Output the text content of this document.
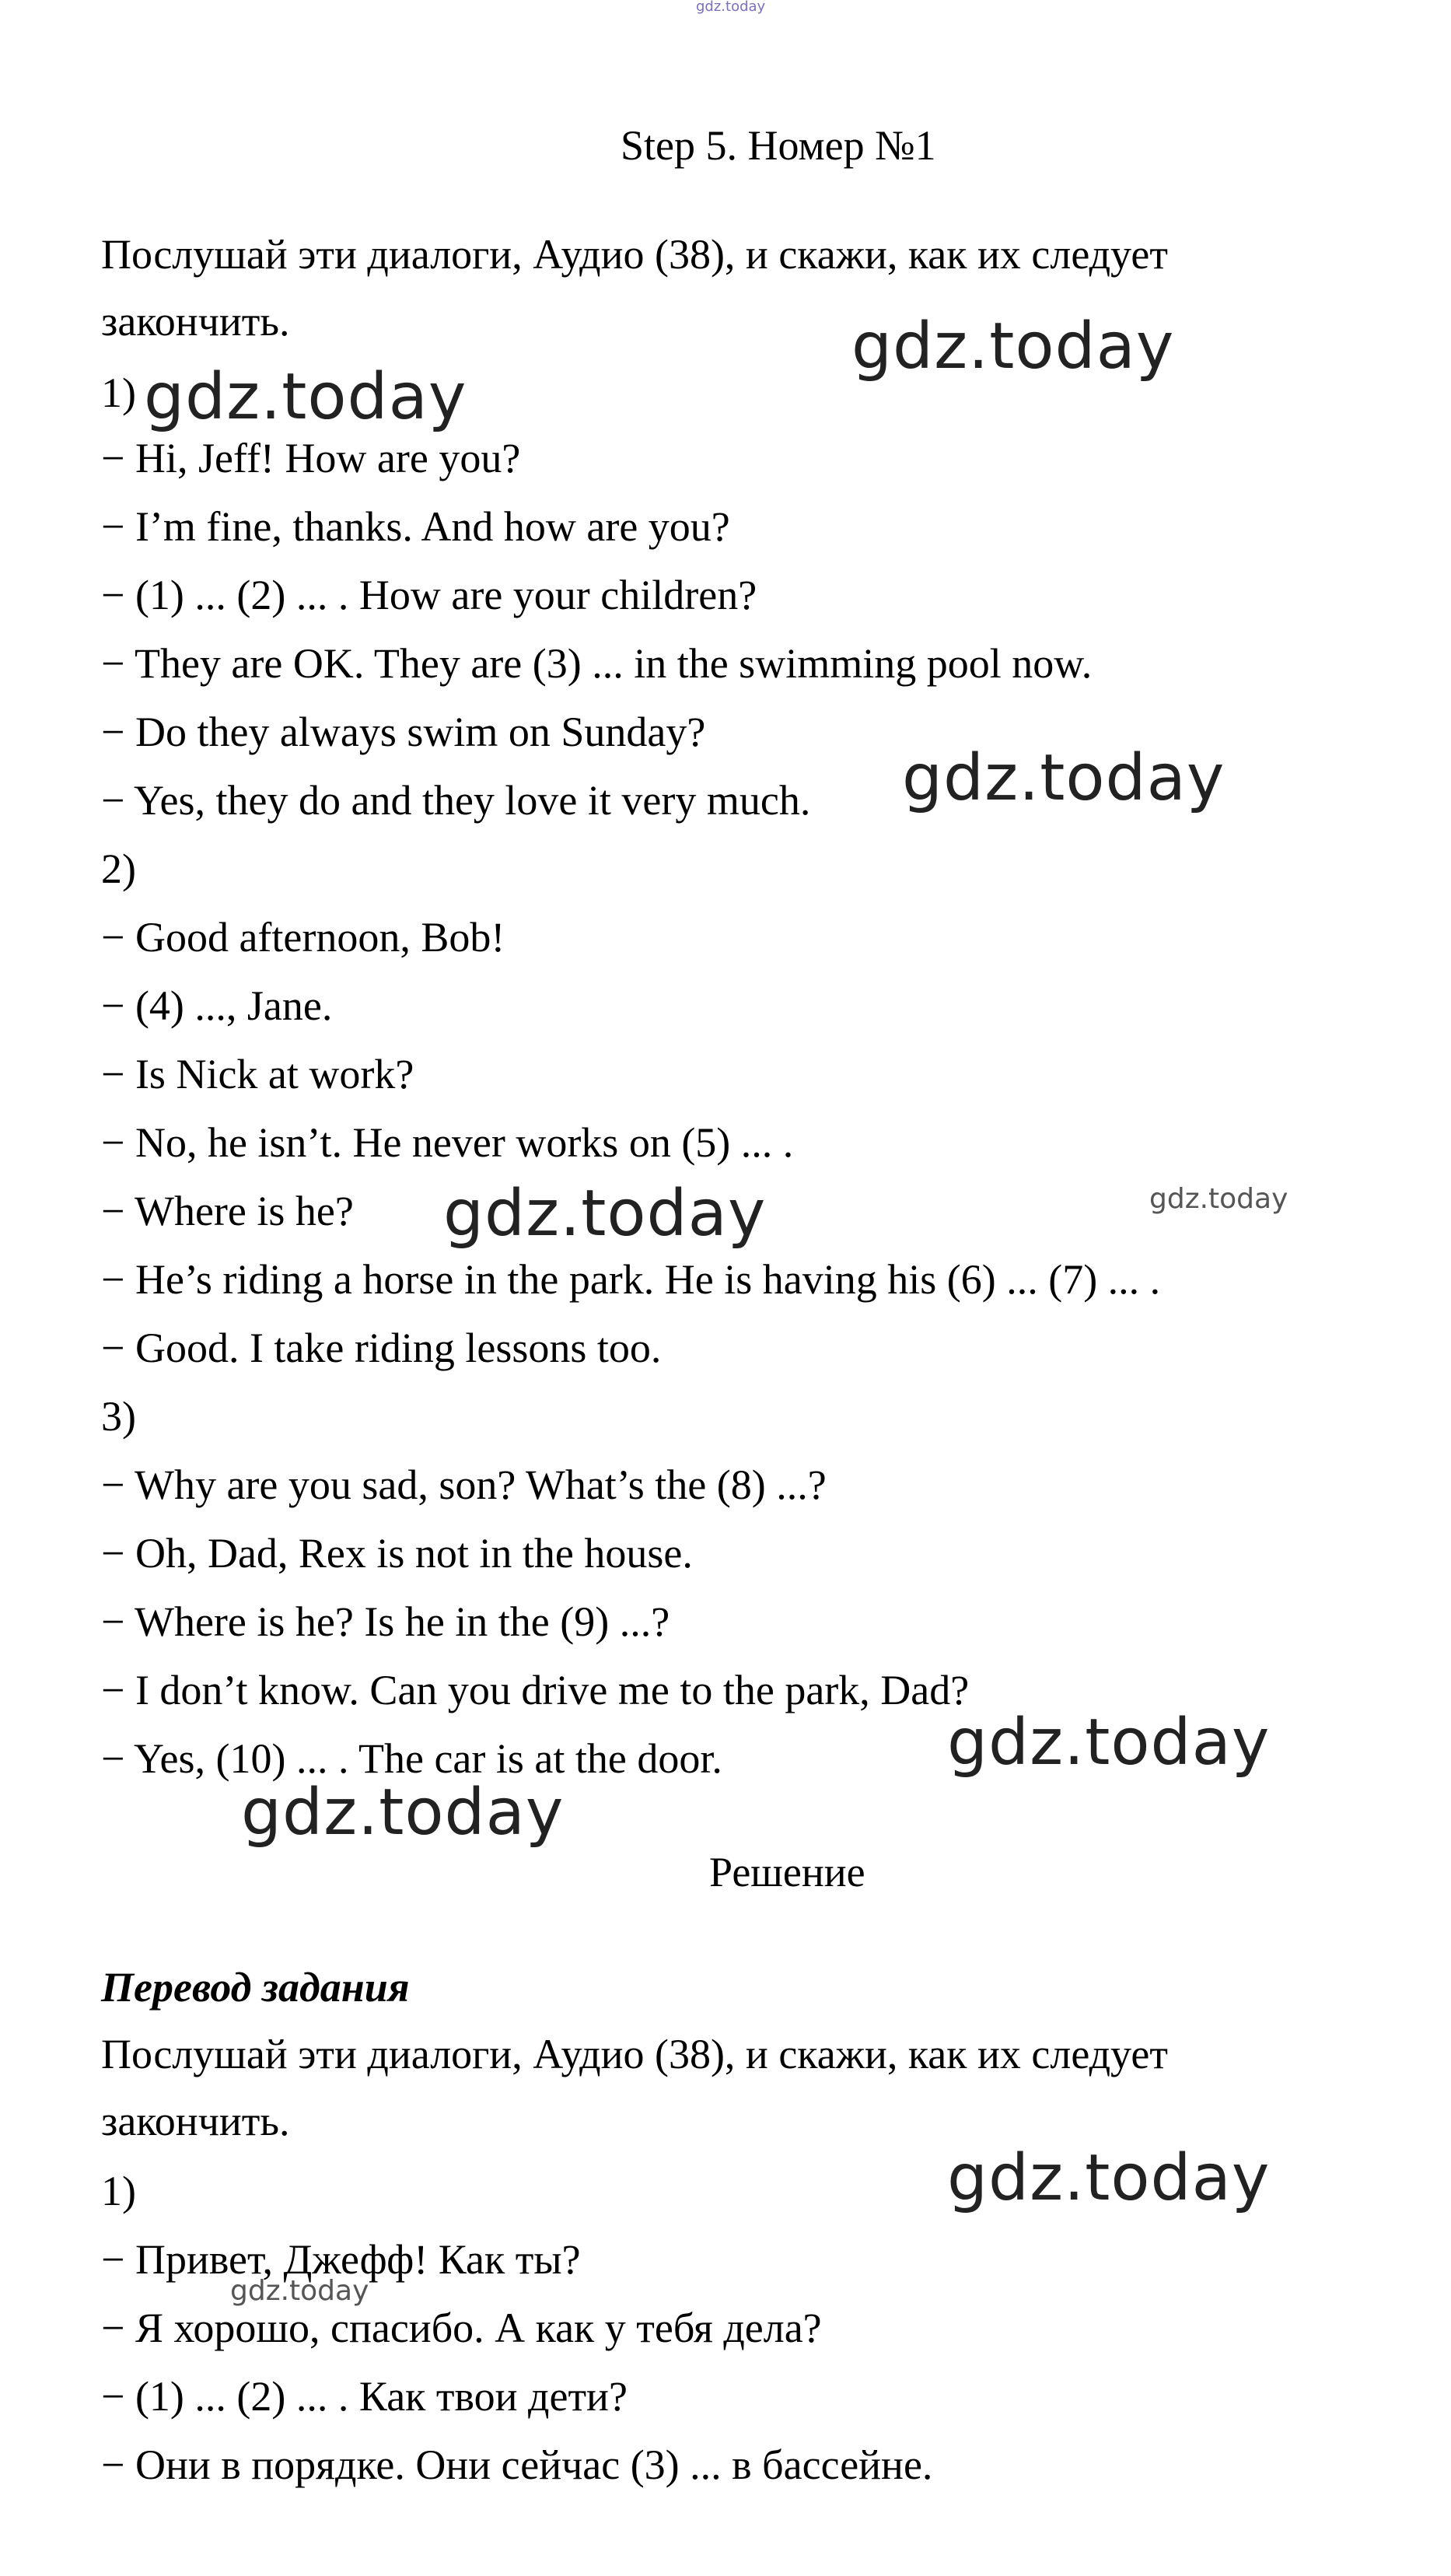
gdz.today
Step 5. Номер №1
Послушай эти диалоги, Аудио (38), и скажи, как их следует
закончить.
1)
− Hi, Jeff! How are you?
− I’m fine, thanks. And how are you?
− (1) ... (2) ... . How are your children?
− They are OK. They are (3) ... in the swimming pool now.
− Do they always swim on Sunday?
− Yes, they do and they love it very much.
2)
− Good afternoon, Bob!
− (4) ..., Jane.
− Is Nick at work?
− No, he isn’t. He never works on (5) ... .
− Where is he?
− He’s riding a horse in the park. He is having his (6) ... (7) ... .
− Good. I take riding lessons too.
3)
− Why are you sad, son? What’s the (8) ...?
− Oh, Dad, Rex is not in the house.
− Where is he? Is he in the (9) ...?
− I don’t know. Can you drive me to the park, Dad?
− Yes, (10) ... . The car is at the door.
Решение
Перевод задания
Послушай эти диалоги, Аудио (38), и скажи, как их следует
закончить.
1)
− Привет, Джефф! Как ты?
− Я хорошо, спасибо. А как у тебя дела?
− (1) ... (2) ... . Как твои дети?
− Они в порядке. Они сейчас (3) ... в бассейне.
gdz.today
gdz.today
gdz.today
gdz.today	gdz.today
gdz.today
gdz.today
gdz.today
gdz.today
